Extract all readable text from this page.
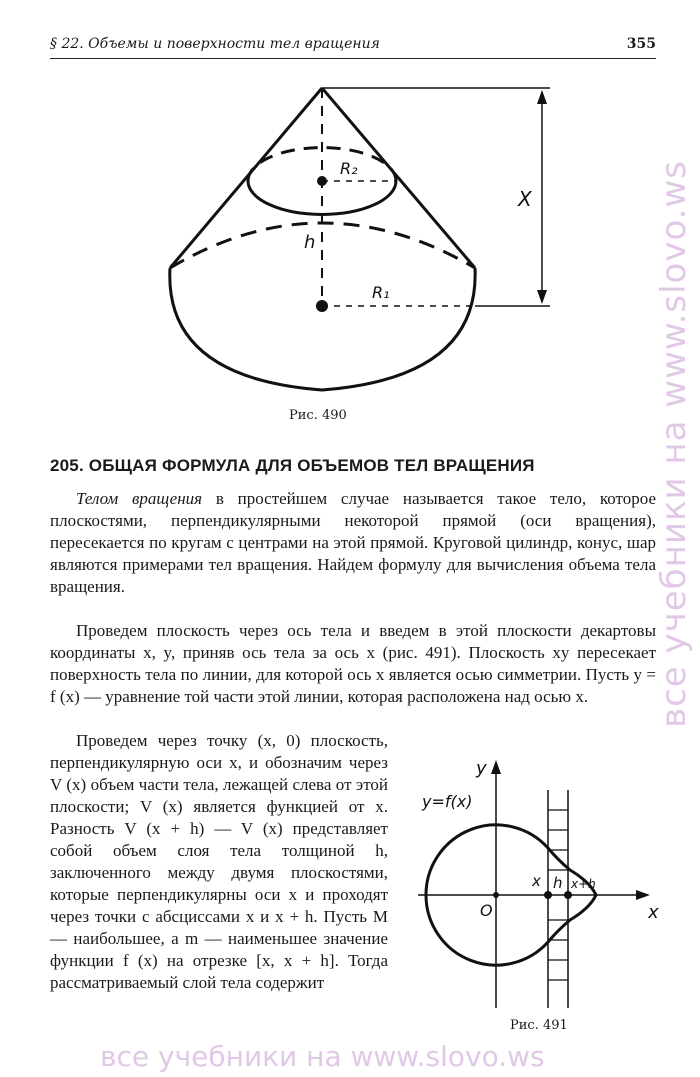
§ 22. Объемы и поверхности тел вращения	355
R₂
R₁
h
X
Рис. 490
205. ОБЩАЯ ФОРМУЛА ДЛЯ ОБЪЕМОВ ТЕЛ ВРАЩЕНИЯ

Телом вращения в простейшем случае называется такое тело, которое плоскостями, перпендикулярными некоторой прямой (оси вращения), пересекается по кругам с центрами на этой прямой. Круговой цилиндр, конус, шар являются примерами тел вращения. Найдем формулу для вычисления объема тела вращения.

Проведем плоскость через ось тела и введем в этой плоскости декартовы координаты x, y, приняв ось тела за ось x (рис. 491). Плоскость xy пересекает поверхность тела по линии, для которой ось x является осью симметрии. Пусть y = f (x) — уравнение той части этой линии, которая расположена над осью x.

Проведем через точку (x, 0) плоскость, перпендикулярную оси x, и обозначим через V (x) объем части тела, лежащей слева от этой плоскости; V (x) является функцией от x. Разность V (x + h) — V (x) представляет собой объем слоя тела толщиной h, заключенного между двумя плоскостями, которые перпендикулярны оси x и проходят через точки с абсциссами x и x + h. Пусть M — наибольшее, а m — наименьшее значение функции f (x) на отрезке [x, x + h]. Тогда рассматриваемый слой тела содержит

y
x
y=f(x)
O
x h x+h
Рис. 491
все учебники на www.slovo.ws
все учебники на www.slovo.ws
